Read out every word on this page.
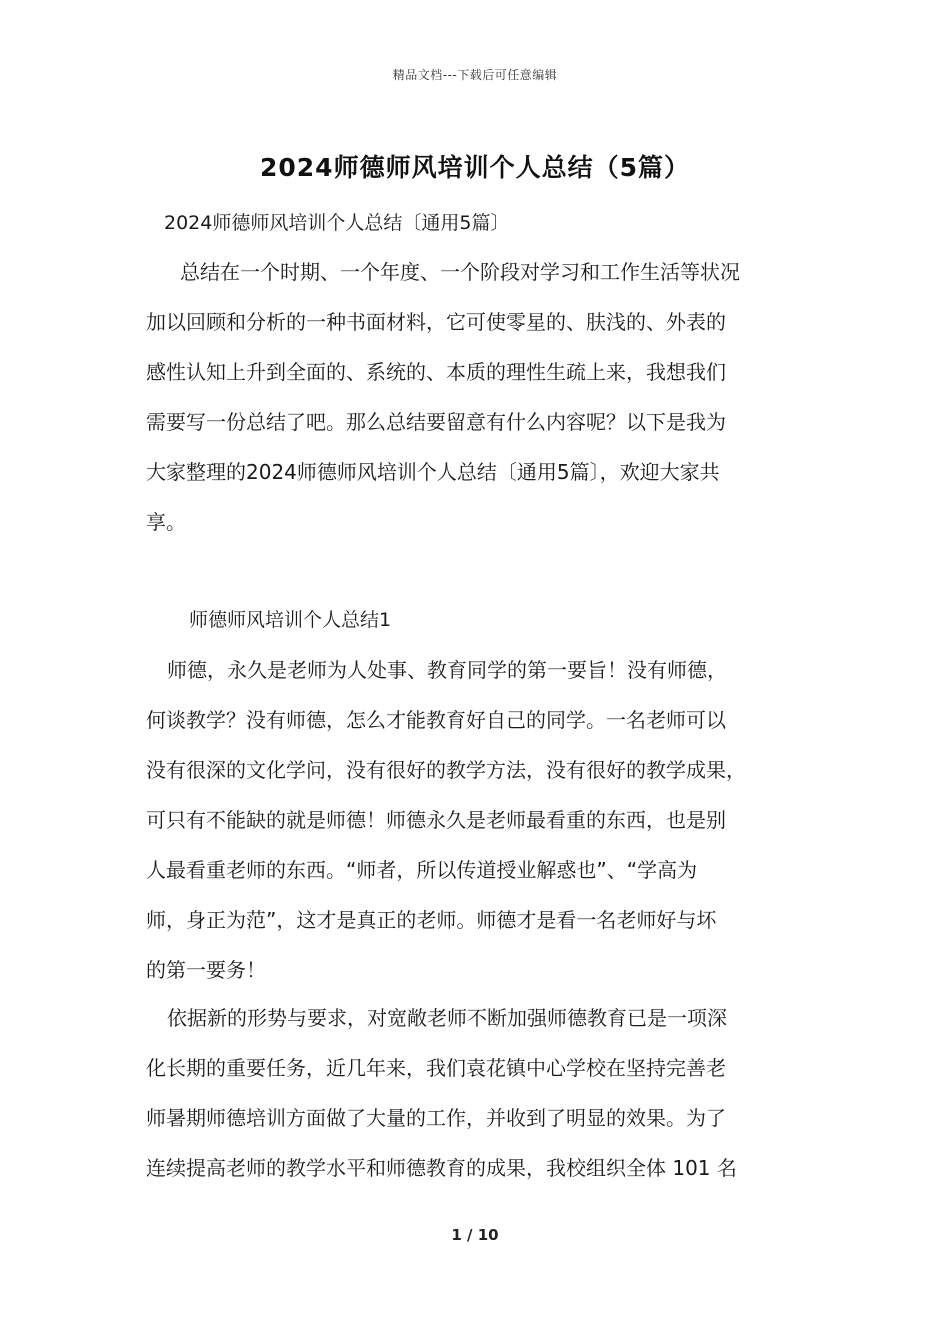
精品文档---下载后可任意编辑
2024师德师风培训个人总结（5篇）
2024师德师风培训个人总结〔通用5篇〕
总结在一个时期、一个年度、一个阶段对学习和工作生活等状况
加以回顾和分析的一种书面材料，它可使零星的、肤浅的、外表的
感性认知上升到全面的、系统的、本质的理性生疏上来，我想我们
需要写一份总结了吧。那么总结要留意有什么内容呢？以下是我为
大家整理的2024师德师风培训个人总结〔通用5篇〕，欢迎大家共
享。
师德师风培训个人总结1
师德，永久是老师为人处事、教育同学的第一要旨！没有师德，
何谈教学？没有师德，怎么才能教育好自己的同学。一名老师可以
没有很深的文化学问，没有很好的教学方法，没有很好的教学成果，
可只有不能缺的就是师德！师德永久是老师最看重的东西，也是别
人最看重老师的东西。“师者，所以传道授业解惑也”、“学高为
师，身正为范”，这才是真正的老师。师德才是看一名老师好与坏
的第一要务！
依据新的形势与要求，对宽敞老师不断加强师德教育已是一项深
化长期的重要任务，近几年来，我们袁花镇中心学校在坚持完善老
师暑期师德培训方面做了大量的工作，并收到了明显的效果。为了
连续提高老师的教学水平和师德教育的成果，我校组织全体 101 名
1 / 10
